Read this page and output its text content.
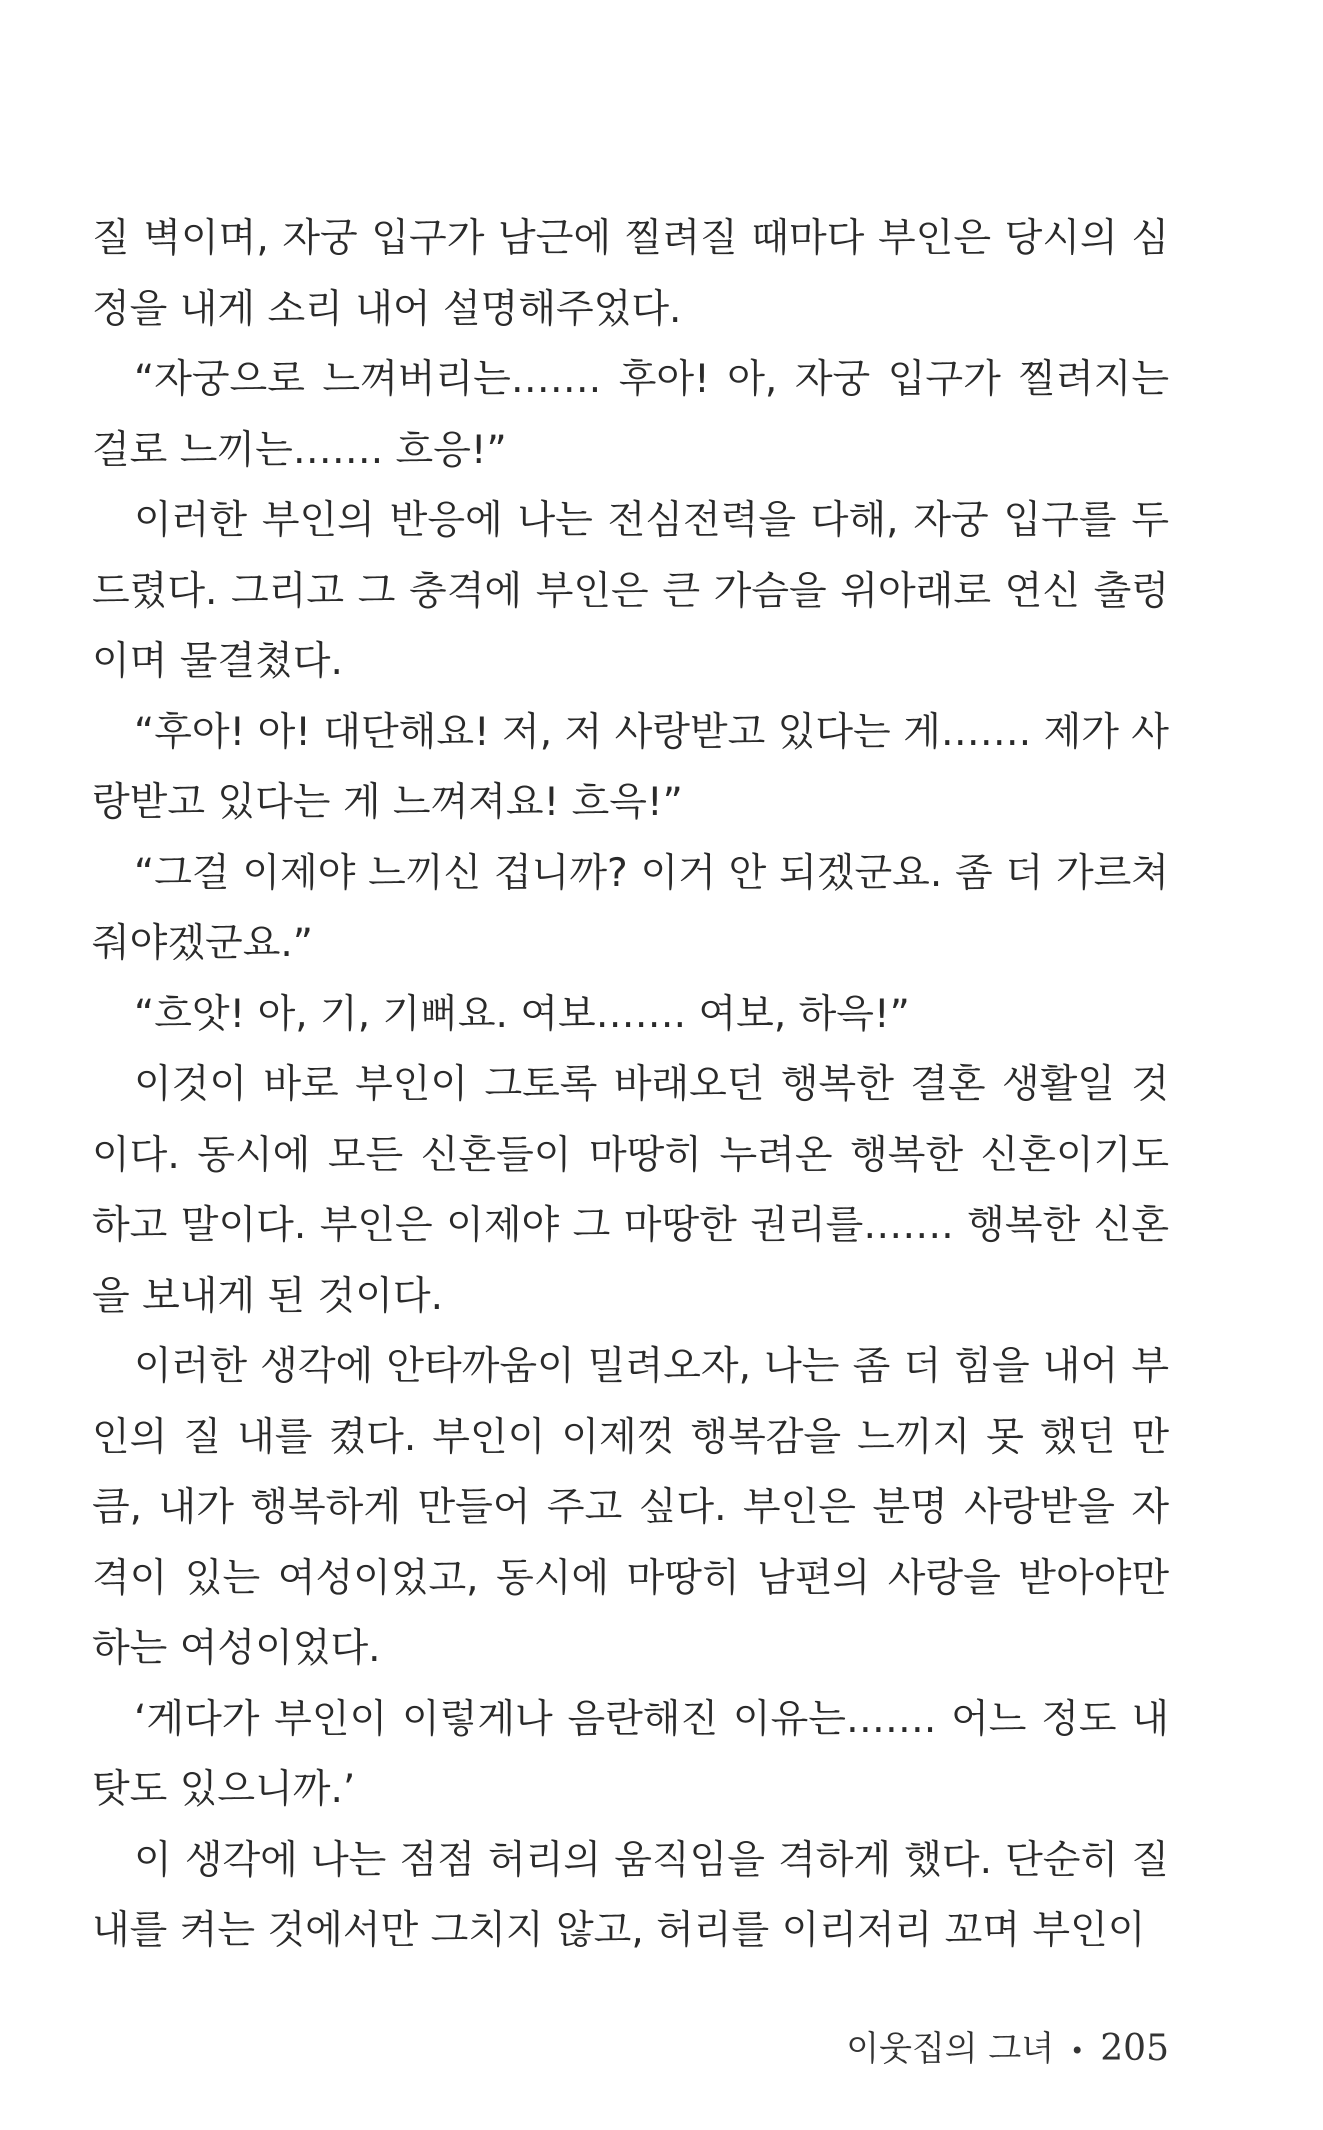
질 벽이며, 자궁 입구가 남근에 찔려질 때마다 부인은 당시의 심정을 내게 소리 내어 설명해주었다.

“자궁으로 느껴버리는……. 후아! 아, 자궁 입구가 찔려지는 걸로 느끼는……. 흐응!”

이러한 부인의 반응에 나는 전심전력을 다해, 자궁 입구를 두드렸다. 그리고 그 충격에 부인은 큰 가슴을 위아래로 연신 출렁이며 물결쳤다.

“후아! 아! 대단해요! 저, 저 사랑받고 있다는 게……. 제가 사랑받고 있다는 게 느껴져요! 흐윽!”

“그걸 이제야 느끼신 겁니까? 이거 안 되겠군요. 좀 더 가르쳐 줘야겠군요.”

“흐앗! 아, 기, 기뻐요. 여보……. 여보, 하윽!”

이것이 바로 부인이 그토록 바래오던 행복한 결혼 생활일 것이다. 동시에 모든 신혼들이 마땅히 누려온 행복한 신혼이기도 하고 말이다. 부인은 이제야 그 마땅한 권리를……. 행복한 신혼을 보내게 된 것이다.

이러한 생각에 안타까움이 밀려오자, 나는 좀 더 힘을 내어 부인의 질 내를 켰다. 부인이 이제껏 행복감을 느끼지 못 했던 만큼, 내가 행복하게 만들어 주고 싶다. 부인은 분명 사랑받을 자격이 있는 여성이었고, 동시에 마땅히 남편의 사랑을 받아야만 하는 여성이었다.

‘게다가 부인이 이렇게나 음란해진 이유는……. 어느 정도 내 탓도 있으니까.’

이 생각에 나는 점점 허리의 움직임을 격하게 했다. 단순히 질 내를 켜는 것에서만 그치지 않고, 허리를 이리저리 꼬며 부인이

이웃집의 그녀 • 205
